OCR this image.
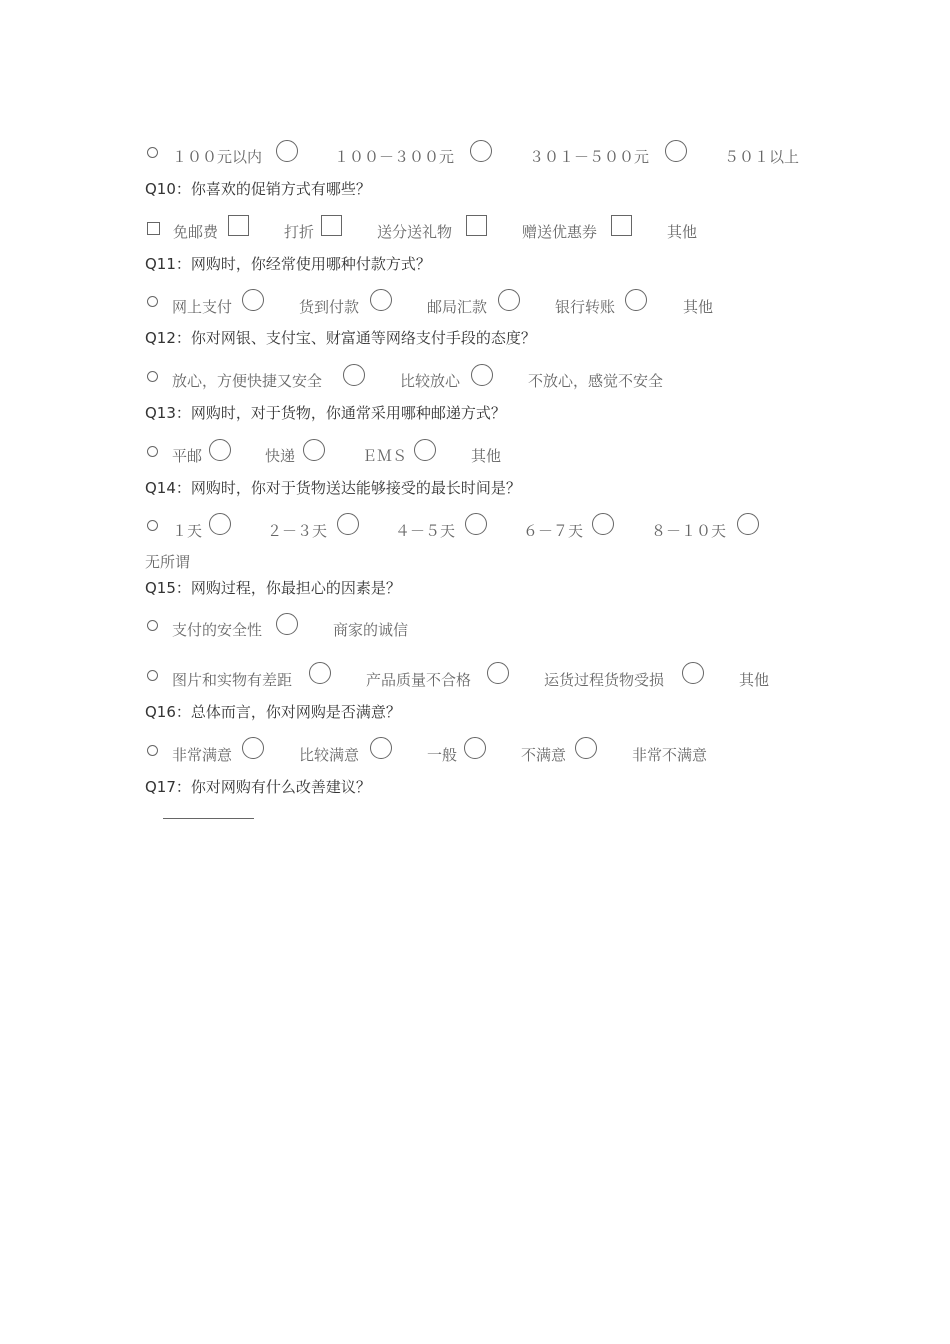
１００元以内	１００－３００元	３０１－５００元	５０１以上
Q10：你喜欢的促销方式有哪些？
免邮费	打折	送分送礼物	赠送优惠券	其他
Q11：网购时，你经常使用哪种付款方式？
网上支付	货到付款	邮局汇款	银行转账	其他
Q12：你对网银、支付宝、财富通等网络支付手段的态度？
放心，方便快捷又安全	比较放心	不放心，感觉不安全
Q13：网购时，对于货物，你通常采用哪种邮递方式？
平邮	快递	ＥＭＳ	其他
Q14：网购时，你对于货物送达能够接受的最长时间是？
１天	２－３天	４－５天	６－７天	８－１０天
无所谓
Q15：网购过程，你最担心的因素是？
支付的安全性	商家的诚信
图片和实物有差距	产品质量不合格	运货过程货物受损	其他
Q16：总体而言，你对网购是否满意？
非常满意	比较满意	一般	不满意	非常不满意
Q17：你对网购有什么改善建议？
